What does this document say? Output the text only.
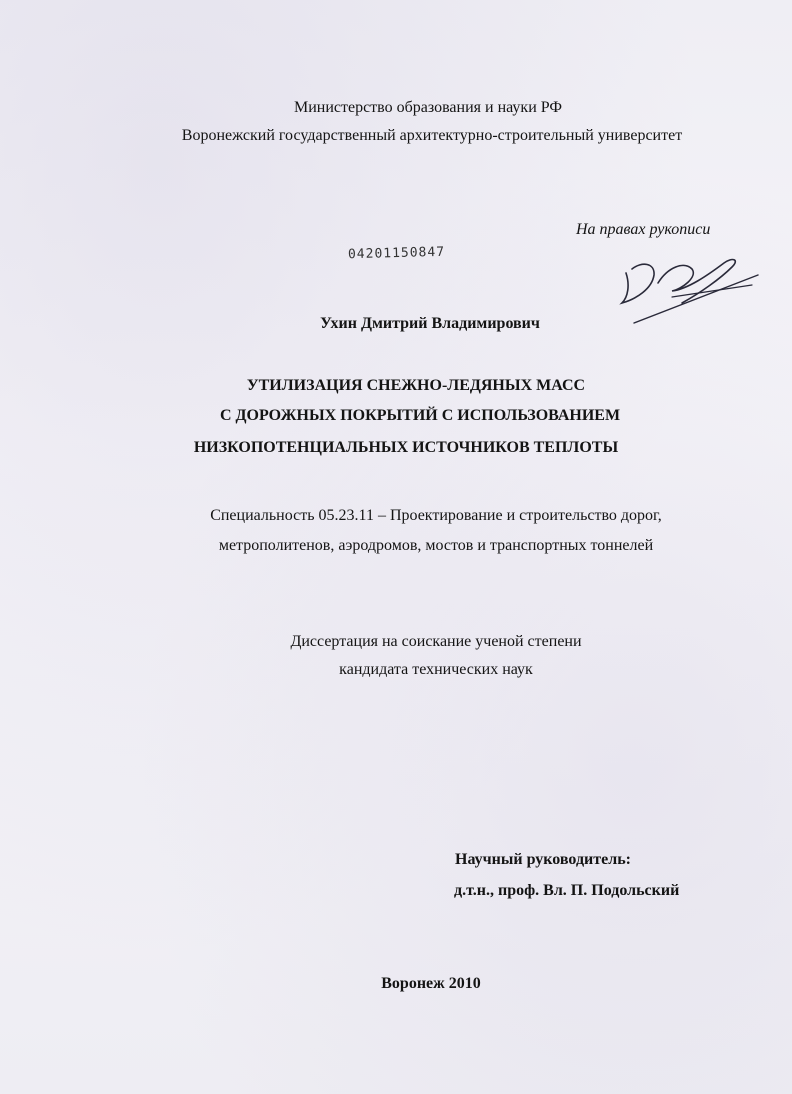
Министерство образования и науки РФ
Воронежский государственный архитектурно-строительный университет
На правах рукописи
04201150847
Ухин Дмитрий Владимирович
УТИЛИЗАЦИЯ СНЕЖНО-ЛЕДЯНЫХ МАСС
С ДОРОЖНЫХ ПОКРЫТИЙ С ИСПОЛЬЗОВАНИЕМ
НИЗКОПОТЕНЦИАЛЬНЫХ ИСТОЧНИКОВ ТЕПЛОТЫ
Специальность 05.23.11 – Проектирование и строительство дорог,
метрополитенов, аэродромов, мостов и транспортных тоннелей
Диссертация на соискание ученой степени
кандидата технических наук
Научный руководитель:
д.т.н., проф. Вл. П. Подольский
Воронеж 2010
